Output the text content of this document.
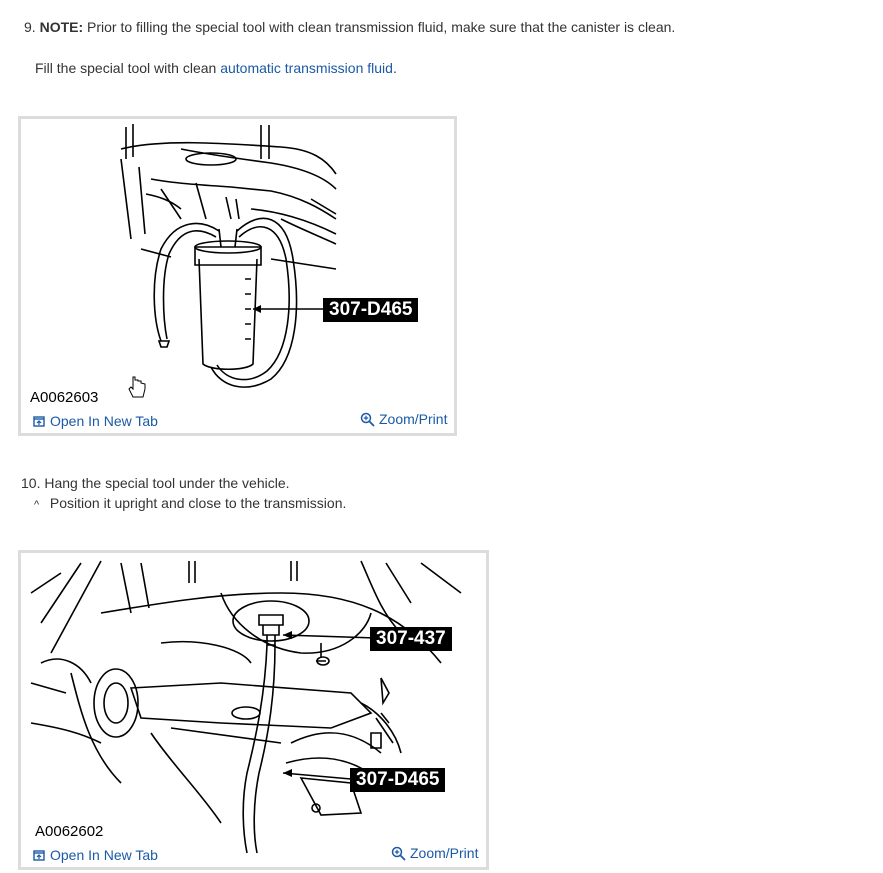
9. NOTE: Prior to filling the special tool with clean transmission fluid, make sure that the canister is clean.
Fill the special tool with clean automatic transmission fluid.
307-D465
A0062603
Open In New Tab	Zoom/Print
10. Hang the special tool under the vehicle.
^ Position it upright and close to the transmission.
307-437
307-D465
A0062602
Open In New Tab	Zoom/Print
